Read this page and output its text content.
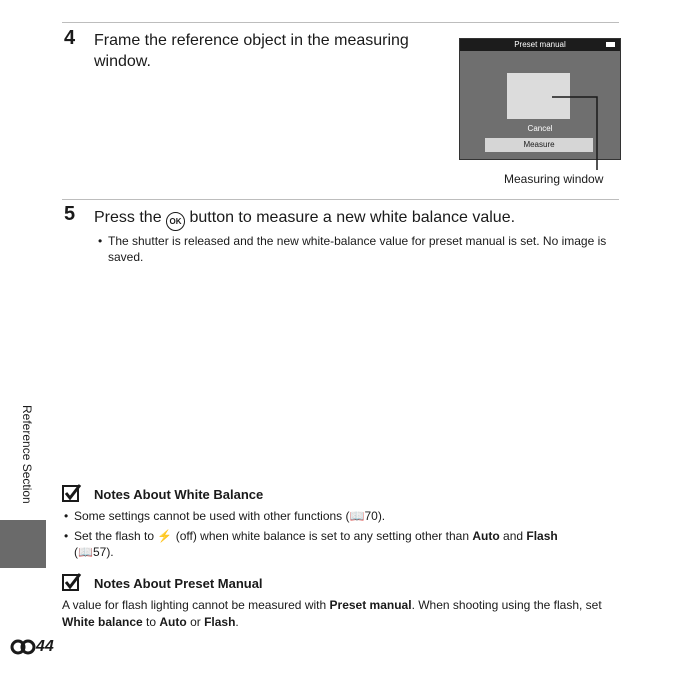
4 Frame the reference object in the measuring window.
Preset manual
Cancel
Measure
Measuring window
5 Press the OK button to measure a new white balance value.
• The shutter is released and the new white-balance value for preset manual is set. No image is saved.
Reference Section	Notes About White Balance
• Some settings cannot be used with other functions (📖70).
• Set the flash to ⚡ (off) when white balance is set to any setting other than Auto and Flash
(📖57).
Notes About Preset Manual
A value for flash lighting cannot be measured with Preset manual. When shooting using the flash, set White balance to Auto or Flash.
44
